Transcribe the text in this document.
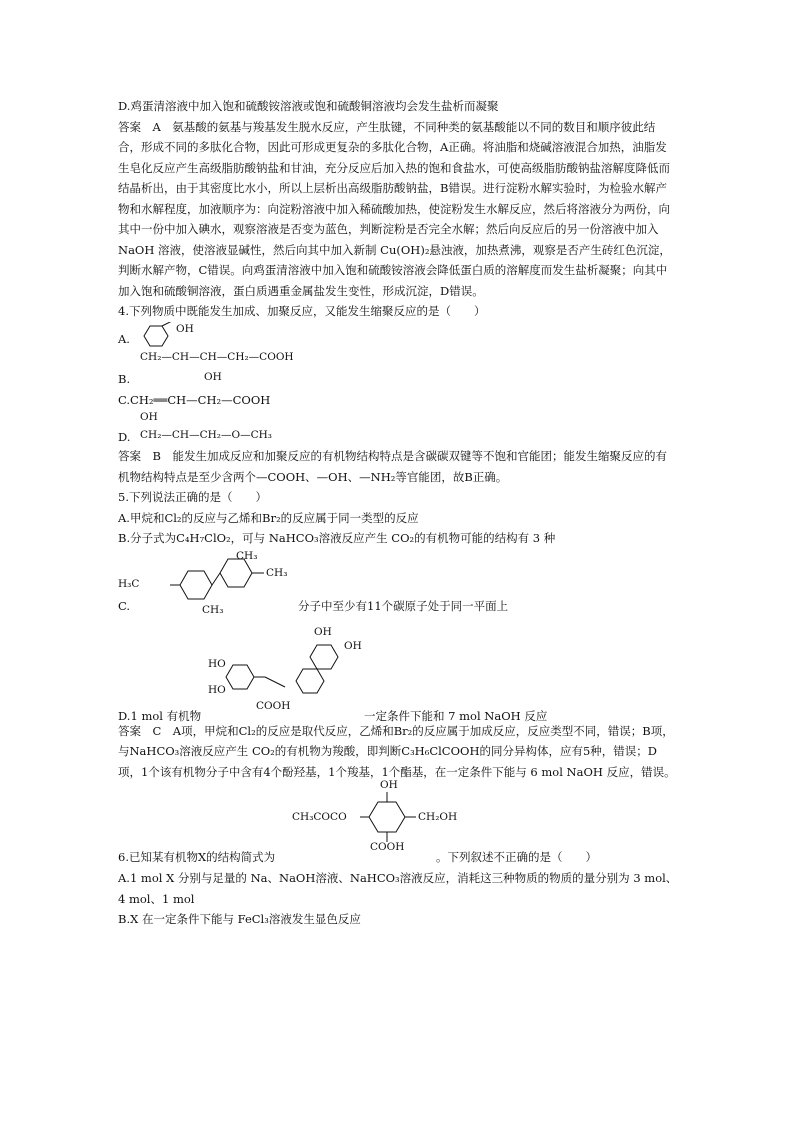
D.鸡蛋清溶液中加入饱和硫酸铵溶液或饱和硫酸铜溶液均会发生盐析而凝聚

答案　A　氨基酸的氨基与羧基发生脱水反应，产生肽键，不同种类的氨基酸能以不同的数目和顺序彼此结合，形成不同的多肽化合物，因此可形成更复杂的多肽化合物，A正确。将油脂和烧碱溶液混合加热，油脂发生皂化反应产生高级脂肪酸钠盐和甘油，充分反应后加入热的饱和食盐水，可使高级脂肪酸钠盐溶解度降低而结晶析出，由于其密度比水小，所以上层析出高级脂肪酸钠盐，B错误。进行淀粉水解实验时，为检验水解产物和水解程度，加液顺序为：向淀粉溶液中加入稀硫酸加热，使淀粉发生水解反应，然后将溶液分为两份，向其中一份中加入碘水，观察溶液是否变为蓝色，判断淀粉是否完全水解；然后向反应后的另一份溶液中加入 NaOH 溶液，使溶液显碱性，然后向其中加入新制 Cu(OH)₂悬浊液，加热煮沸，观察是否产生砖红色沉淀，判断水解产物，C错误。向鸡蛋清溶液中加入饱和硫酸铵溶液会降低蛋白质的溶解度而发生盐析凝聚；向其中加入饱和硫酸铜溶液，蛋白质遇重金属盐发生变性，形成沉淀，D错误。

4.下列物质中既能发生加成、加聚反应，又能发生缩聚反应的是（　　）

A.
OH
CH₂—CH—CH—CH₂—COOH
OH
B.

C.CH₂══CH—CH₂—COOH

OH
CH₂—CH—CH₂—O—CH₃
D.

答案　B　能发生加成反应和加聚反应的有机物结构特点是含碳碳双键等不饱和官能团；能发生缩聚反应的有机物结构特点是至少含两个—COOH、—OH、—NH₂等官能团，故B正确。

5.下列说法正确的是（　　）

A.甲烷和Cl₂的反应与乙烯和Br₂的反应属于同一类型的反应

B.分子式为C₄H₇ClO₂，可与 NaHCO₃溶液反应产生 CO₂的有机物可能的结构有 3 种

H₃C
CH₃
CH₃
CH₃
C.	分子中至少有11个碳原子处于同一平面上
HO
HO
COOH
OH
OH
D.1 mol 有机物	一定条件下能和 7 mol NaOH 反应

答案　C　A项，甲烷和Cl₂的反应是取代反应，乙烯和Br₂的反应属于加成反应，反应类型不同，错误；B项，与NaHCO₃溶液反应产生 CO₂的有机物为羧酸，即判断C₃H₆ClCOOH的同分异构体，应有5种，错误；D项，1个该有机物分子中含有4个酚羟基，1个羧基，1个酯基，在一定条件下能与 6 mol NaOH 反应，错误。

OH
CH₃COCO	CH₂OH
COOH
6.已知某有机物X的结构简式为	。下列叙述不正确的是（　　）

A.1 mol X 分别与足量的 Na、NaOH溶液、NaHCO₃溶液反应，消耗这三种物质的物质的量分别为 3 mol、4 mol、1 mol

B.X 在一定条件下能与 FeCl₃溶液发生显色反应
